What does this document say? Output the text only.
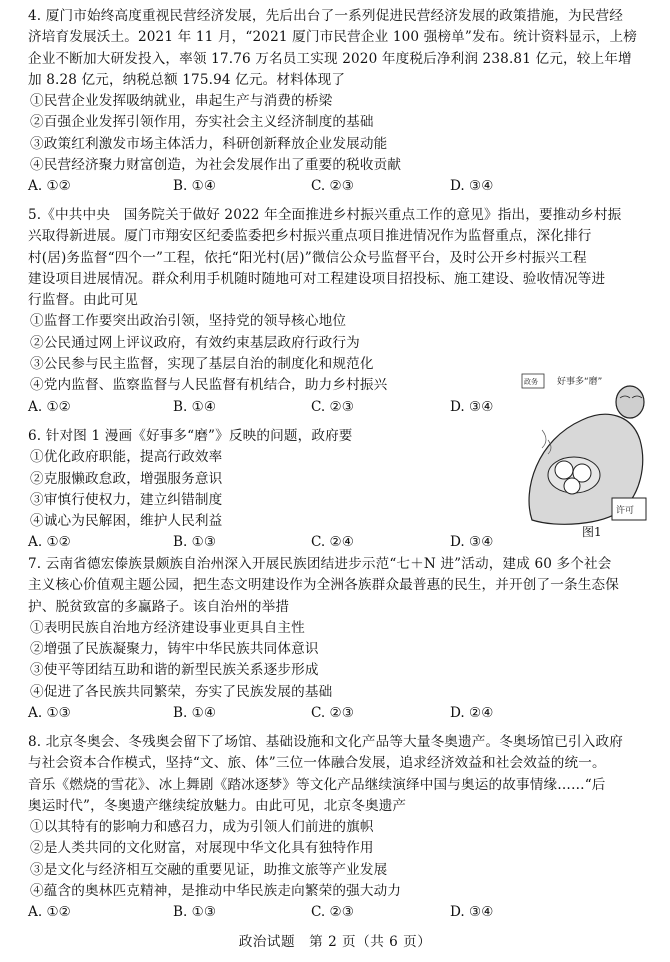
4. 厦门市始终高度重视民营经济发展，先后出台了一系列促进民营经济发展的政策措施，为民营经
济培育发展沃土。2021 年 11 月，“2021 厦门市民营企业 100 强榜单”发布。统计资料显示，上榜
企业不断加大研发投入，率领 17.76 万名员工实现 2020 年度税后净利润 238.81 亿元，较上年增
加 8.28 亿元，纳税总额 175.94 亿元。材料体现了
①民营企业发挥吸纳就业，串起生产与消费的桥梁
②百强企业发挥引领作用，夯实社会主义经济制度的基础
③政策红利激发市场主体活力，科研创新释放企业发展动能
④民营经济聚力财富创造，为社会发展作出了重要的税收贡献
A. ①②	B. ①④	C. ②③	D. ③④
5.《中共中央　国务院关于做好 2022 年全面推进乡村振兴重点工作的意见》指出，要推动乡村振
兴取得新进展。厦门市翔安区纪委监委把乡村振兴重点项目推进情况作为监督重点，深化排行
村(居)务监督“四个一”工程，依托“阳光村(居)”微信公众号监督平台，及时公开乡村振兴工程
建设项目进展情况。群众利用手机随时随地可对工程建设项目招投标、施工建设、验收情况等进
行监督。由此可见
①监督工作要突出政治引领，坚持党的领导核心地位
②公民通过网上评议政府，有效约束基层政府行政行为
③公民参与民主监督，实现了基层自治的制度化和规范化
④党内监督、监察监督与人民监督有机结合，助力乡村振兴
A. ①②	B. ①④	C. ②③	D. ③④
6. 针对图 1 漫画《好事多“磨”》反映的问题，政府要
①优化政府职能，提高行政效率
②克服懒政怠政，增强服务意识
③审慎行使权力，建立纠错制度
④诚心为民解困，维护人民利益
A. ①②	B. ①③	C. ②④	D. ③④
好事多“磨”
政务
许可
图1
7. 云南省德宏傣族景颇族自治州深入开展民族团结进步示范“七＋N 进”活动，建成 60 多个社会
主义核心价值观主题公园，把生态文明建设作为全洲各族群众最普惠的民生，并开创了一条生态保
护、脱贫致富的多赢路子。该自治州的举措
①表明民族自治地方经济建设事业更具自主性
②增强了民族凝聚力，铸牢中华民族共同体意识
③使平等团结互助和谐的新型民族关系逐步形成
④促进了各民族共同繁荣，夯实了民族发展的基础
A. ①③	B. ①④	C. ②③	D. ②④
8. 北京冬奥会、冬残奥会留下了场馆、基础设施和文化产品等大量冬奥遗产。冬奥场馆已引入政府
与社会资本合作模式，坚持“文、旅、体”三位一体融合发展，追求经济效益和社会效益的统一。
音乐《燃烧的雪花》、冰上舞剧《踏冰逐梦》等文化产品继续演绎中国与奥运的故事情缘……“后
奥运时代”，冬奥遗产继续绽放魅力。由此可见，北京冬奥遗产
①以其特有的影响力和感召力，成为引领人们前进的旗帜
②是人类共同的文化财富，对展现中华文化具有独特作用
③是文化与经济相互交融的重要见证，助推文旅等产业发展
④蕴含的奥林匹克精神，是推动中华民族走向繁荣的强大动力
A. ①②	B. ①③	C. ②③	D. ③④
政治试题　第 2 页（共 6 页）
